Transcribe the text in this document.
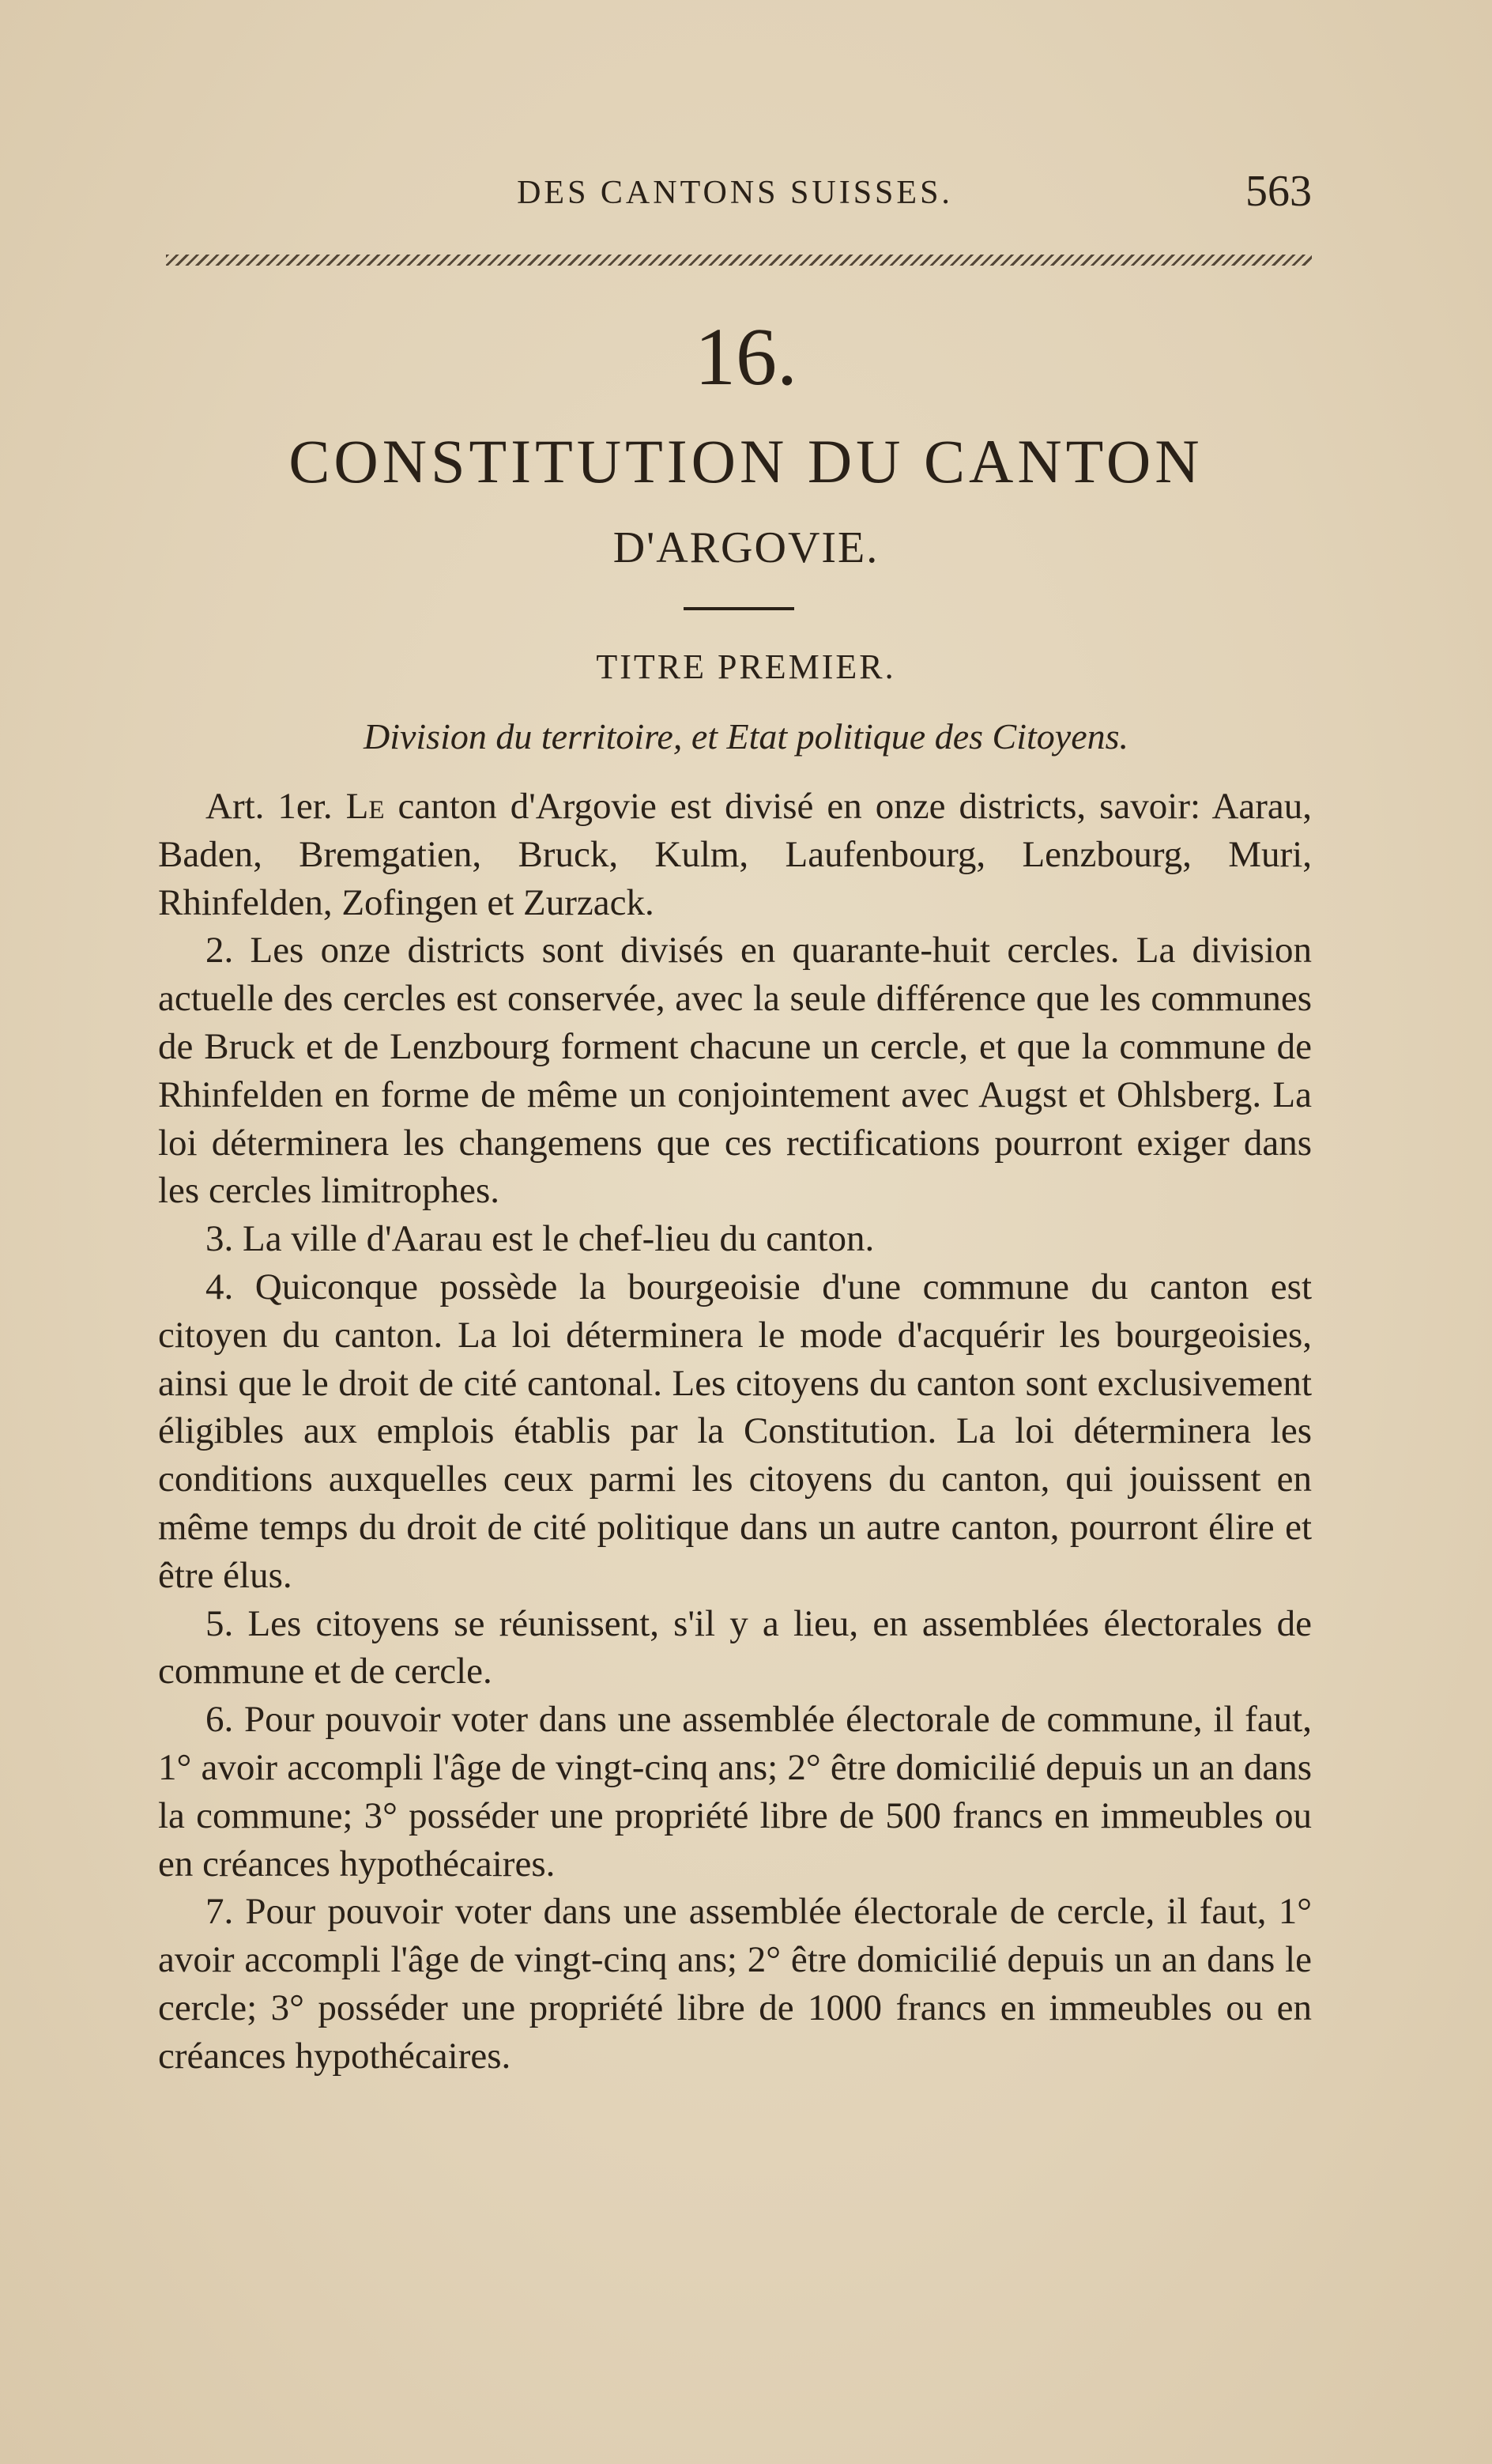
DES CANTONS SUISSES.	563
16.
CONSTITUTION DU CANTON
D'ARGOVIE.
TITRE PREMIER.
Division du territoire, et Etat politique des Citoyens.

Art. 1er. Le canton d'Argovie est divisé en onze districts, savoir: Aarau, Baden, Bremgatien, Bruck, Kulm, Laufenbourg, Lenzbourg, Muri, Rhinfelden, Zofingen et Zurzack.

2. Les onze districts sont divisés en quarante-huit cercles. La division actuelle des cercles est conservée, avec la seule différence que les communes de Bruck et de Lenzbourg forment chacune un cercle, et que la commune de Rhinfelden en forme de même un conjointement avec Augst et Ohlsberg. La loi déterminera les changemens que ces rectifications pourront exiger dans les cercles limitrophes.

3. La ville d'Aarau est le chef-lieu du canton.

4. Quiconque possède la bourgeoisie d'une commune du canton est citoyen du canton. La loi déterminera le mode d'acquérir les bourgeoisies, ainsi que le droit de cité cantonal. Les citoyens du canton sont exclusivement éligibles aux emplois établis par la Constitution. La loi déterminera les conditions auxquelles ceux parmi les citoyens du canton, qui jouissent en même temps du droit de cité politique dans un autre canton, pourront élire et être élus.

5. Les citoyens se réunissent, s'il y a lieu, en assemblées électorales de commune et de cercle.

6. Pour pouvoir voter dans une assemblée électorale de commune, il faut, 1° avoir accompli l'âge de vingt-cinq ans; 2° être domicilié depuis un an dans la commune; 3° posséder une propriété libre de 500 francs en immeubles ou en créances hypothécaires.

7. Pour pouvoir voter dans une assemblée électorale de cercle, il faut, 1° avoir accompli l'âge de vingt-cinq ans; 2° être domicilié depuis un an dans le cercle; 3° posséder une propriété libre de 1000 francs en immeubles ou en créances hypothécaires.
